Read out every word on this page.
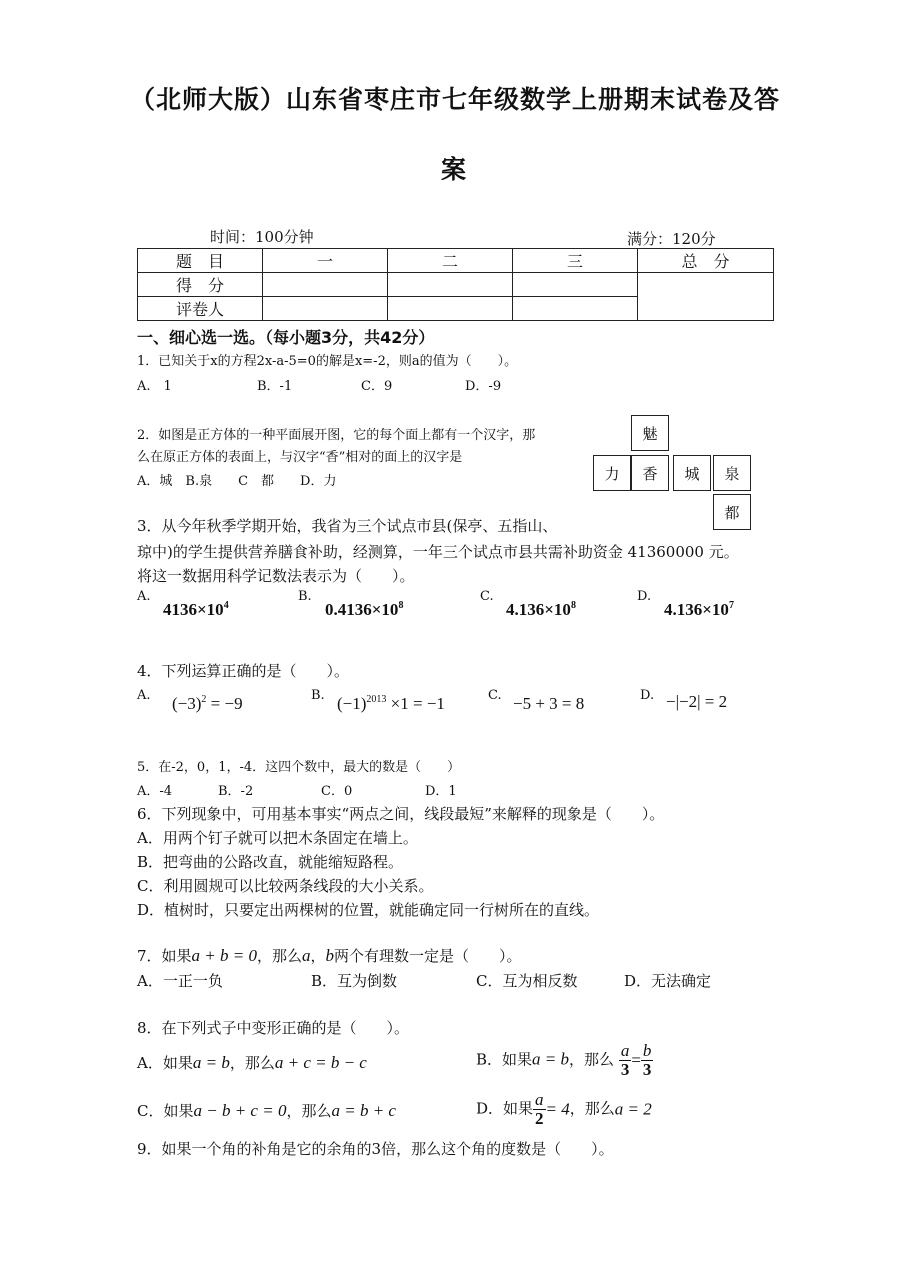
（北师大版）山东省枣庄市七年级数学上册期末试卷及答
案
时间：100分钟	满分：120分
题　目	一	二	三	总　分
得　分				
评卷人				
一、细心选一选。（每小题3分，共42分）
1．已知关于x的方程2x-a-5=0的解是x=-2，则a的值为（　　）。
A.　1	B．-1	C．9	D．-9
2．如图是正方体的一种平面展开图，它的每个面上都有一个汉字，那
么在原正方体的表面上，与汉字“香”相对的面上的汉字是
A．城　B.泉　　C　都　　D．力
魅
力	香	城	泉
都
3．从今年秋季学期开始，我省为三个试点市县(保亭、五指山、
琼中)的学生提供营养膳食补助，经测算，一年三个试点市县共需补助资金 41360000 元。
将这一数据用科学记数法表示为（　　）。
A.
$4136\times 10^4$
B.
$0.4136\times 10^8$
C.
$4.136\times 10^8$
D.
$4.136\times 10^7$
4．下列运算正确的是（　　）。
A. $(-3)^2 = -9$	B. $(-1)^{2013} \times 1 = -1$	C. −5 + 3 = 8	D. −|−2| = 2
5．在-2，0，1，-4．这四个数中，最大的数是（　　）
A．-4	B．-2	C．0	D．1
6．下列现象中，可用基本事实“两点之间，线段最短”来解释的现象是（　　）。
A．用两个钉子就可以把木条固定在墙上。
B．把弯曲的公路改直，就能缩短路程。
C．利用圆规可以比较两条线段的大小关系。
D．植树时，只要定出两棵树的位置，就能确定同一行树所在的直线。
7．如果a + b = 0，那么a，b两个有理数一定是（　　）。
A．一正一负	B．互为倒数	C．互为相反数	D．无法确定
8．在下列式子中变形正确的是（　　）。
A．如果a = b，那么a + c = b − c	B．如果a = b，那么 $\frac{a}{3} = \frac{b}{3}$
C．如果a − b + c = 0，那么a = b + c	D．如果 $\frac{a}{2} = 4$，那么a = 2
9．如果一个角的补角是它的余角的3倍，那么这个角的度数是（　　）。
